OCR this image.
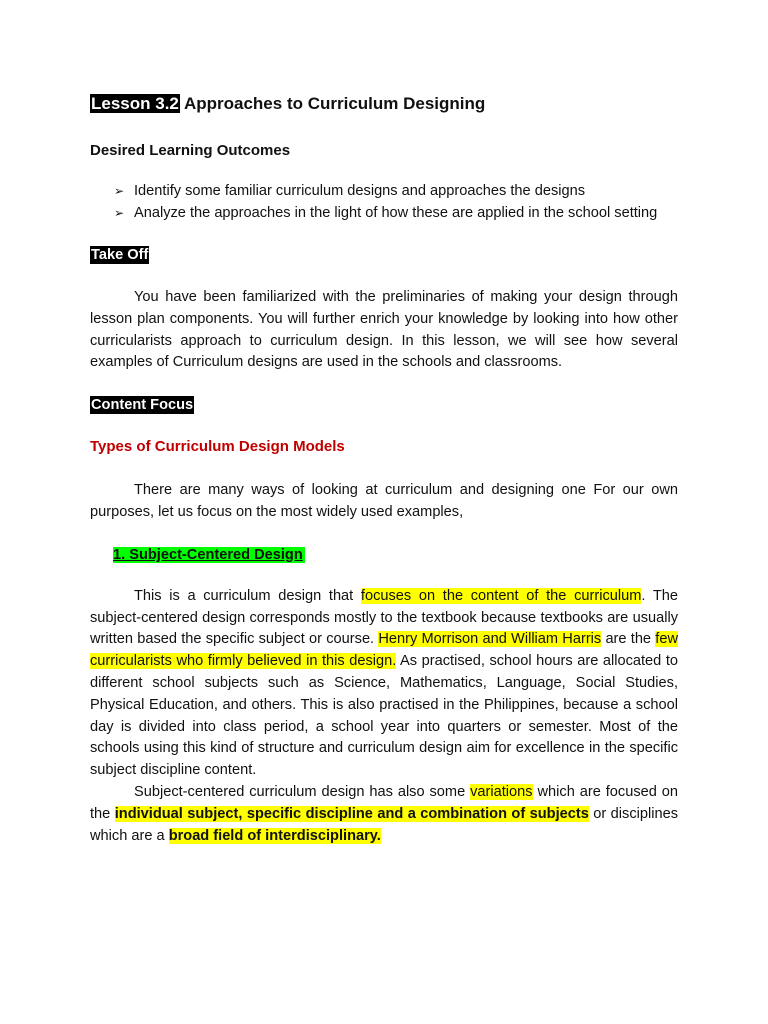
Lesson 3.2 Approaches to Curriculum Designing
Desired Learning Outcomes
➢ Identify some familiar curriculum designs and approaches the designs
➢ Analyze the approaches in the light of how these are applied in the school setting
Take Off

You have been familiarized with the preliminaries of making your design through lesson plan components. You will further enrich your knowledge by looking into how other curricularists approach to curriculum design. In this lesson, we will see how several examples of Curriculum designs are used in the schools and classrooms.

Content Focus
Types of Curriculum Design Models

There are many ways of looking at curriculum and designing one For our own purposes, let us focus on the most widely used examples,

1. Subject-Centered Design

This is a curriculum design that focuses on the content of the curriculum. The subject-centered design corresponds mostly to the textbook because textbooks are usually written based the specific subject or course. Henry Morrison and William Harris are the few curricularists who firmly believed in this design. As practised, school hours are allocated to different school subjects such as Science, Mathematics, Language, Social Studies, Physical Education, and others. This is also practised in the Philippines, because a school day is divided into class period, a school year into quarters or semester. Most of the schools using this kind of structure and curriculum design aim for excellence in the specific subject discipline content.

Subject-centered curriculum design has also some variations which are focused on the individual subject, specific discipline and a combination of subjects or disciplines which are a broad field of interdisciplinary.
